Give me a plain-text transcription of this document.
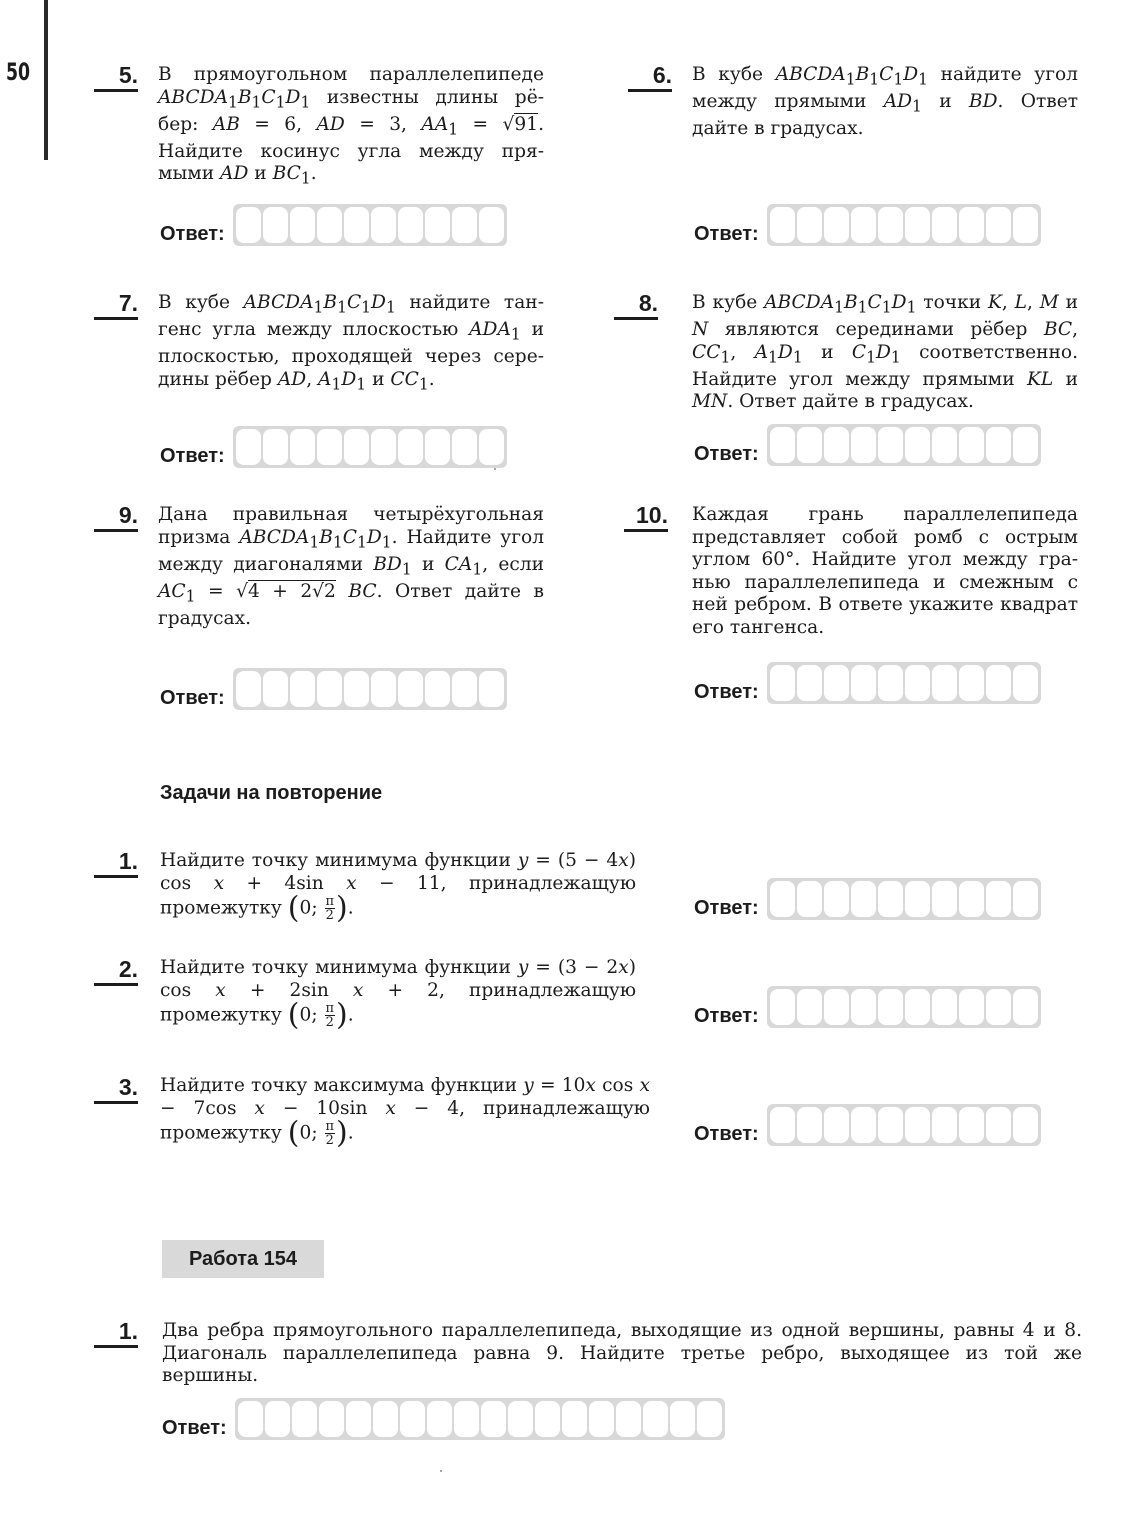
50	5. В прямоугольном параллелепипеде $ABCDA_1B_1C_1D_1$ известны длины рёбер: AB = 6, AD = 3, $AA_1 = √91$. Найдите косинус угла между прямыми AD и $BC_1$.
Ответ:
6. В кубе $ABCDA_1B_1C_1D_1$ найдите угол между прямыми $AD_1$ и BD. Ответ дайте в градусах.
Ответ:
7. В кубе $ABCDA_1B_1C_1D_1$ найдите тангенс угла между плоскостью $ADA_1$ и плоскостью, проходящей через середины рёбер AD, $A_1D_1$ и $CC_1$.
Ответ:
8. В кубе $ABCDA_1B_1C_1D_1$ точки K, L, M и N являются серединами рёбер BC, $CC_1$, $A_1D_1$ и $C_1D_1$ соответственно. Найдите угол между прямыми KL и MN. Ответ дайте в градусах.
Ответ:
9. Дана правильная четырёхугольная призма $ABCDA_1B_1C_1D_1$. Найдите угол между диагоналями $BD_1$ и $CA_1$, если $AC_1 = √4 + 2√2$ BC. Ответ дайте в градусах.
Ответ:
10. Каждая грань параллелепипеда представляет собой ромб с острым углом 60°. Найдите угол между гранью параллелепипеда и смежным с ней ребром. В ответе укажите квадрат его тангенса.
Ответ:
Задачи на повторение
1. Найдите точку минимума функции y = (5 − 4x) cos x + 4sin x − 11, принадлежащую промежутку (0; $\frac{\pi}{2}$ ).	Ответ:
2. Найдите точку минимума функции y = (3 − 2x) cos x + 2sin x + 2, принадлежащую промежутку (0; $\frac{\pi}{2}$ ).	Ответ:
3. Найдите точку максимума функции y = 10x cos x − 7cos x − 10sin x − 4, принадлежащую промежутку (0; $\frac{\pi}{2}$ ).	Ответ:
Работа 154
1. Два ребра прямоугольного параллелепипеда, выходящие из одной вершины, равны 4 и 8. Диагональ параллелепипеда равна 9. Найдите третье ребро, выходящее из той же вершины.
Ответ:
